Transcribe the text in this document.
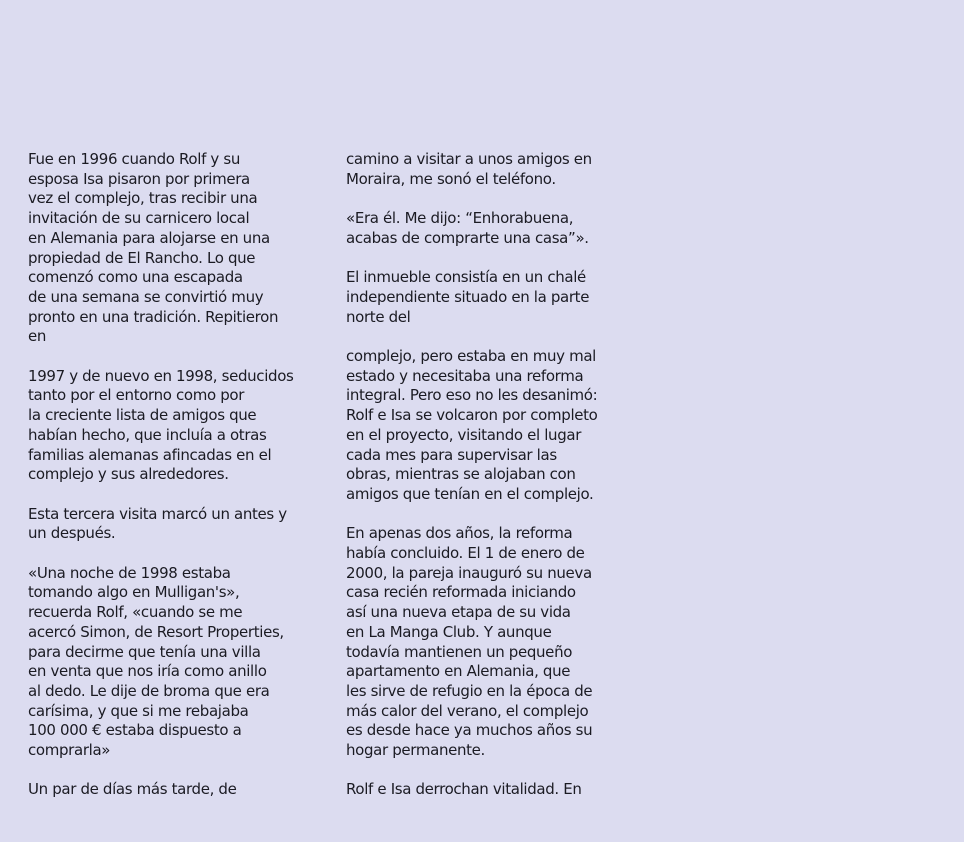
Fue en 1996 cuando Rolf y su
esposa Isa pisaron por primera
vez el complejo, tras recibir una
invitación de su carnicero local
en Alemania para alojarse en una
propiedad de El Rancho. Lo que
comenzó como una escapada
de una semana se convirtió muy
pronto en una tradición. Repitieron
en

1997 y de nuevo en 1998, seducidos
tanto por el entorno como por
la creciente lista de amigos que
habían hecho, que incluía a otras
familias alemanas afincadas en el
complejo y sus alrededores.

Esta tercera visita marcó un antes y
un después.

«Una noche de 1998 estaba
tomando algo en Mulligan's»,
recuerda Rolf, «cuando se me
acercó Simon, de Resort Properties,
para decirme que tenía una villa
en venta que nos iría como anillo
al dedo. Le dije de broma que era
carísima, y que si me rebajaba
100 000 € estaba dispuesto a
comprarla»

Un par de días más tarde, de

camino a visitar a unos amigos en
Moraira, me sonó el teléfono.

«Era él. Me dijo: “Enhorabuena,
acabas de comprarte una casa”».

El inmueble consistía en un chalé
independiente situado en la parte
norte del

complejo, pero estaba en muy mal
estado y necesitaba una reforma
integral. Pero eso no les desanimó:
Rolf e Isa se volcaron por completo
en el proyecto, visitando el lugar
cada mes para supervisar las
obras, mientras se alojaban con
amigos que tenían en el complejo.

En apenas dos años, la reforma
había concluido. El 1 de enero de
2000, la pareja inauguró su nueva
casa recién reformada iniciando
así una nueva etapa de su vida
en La Manga Club. Y aunque
todavía mantienen un pequeño
apartamento en Alemania, que
les sirve de refugio en la época de
más calor del verano, el complejo
es desde hace ya muchos años su
hogar permanente.

Rolf e Isa derrochan vitalidad. En
